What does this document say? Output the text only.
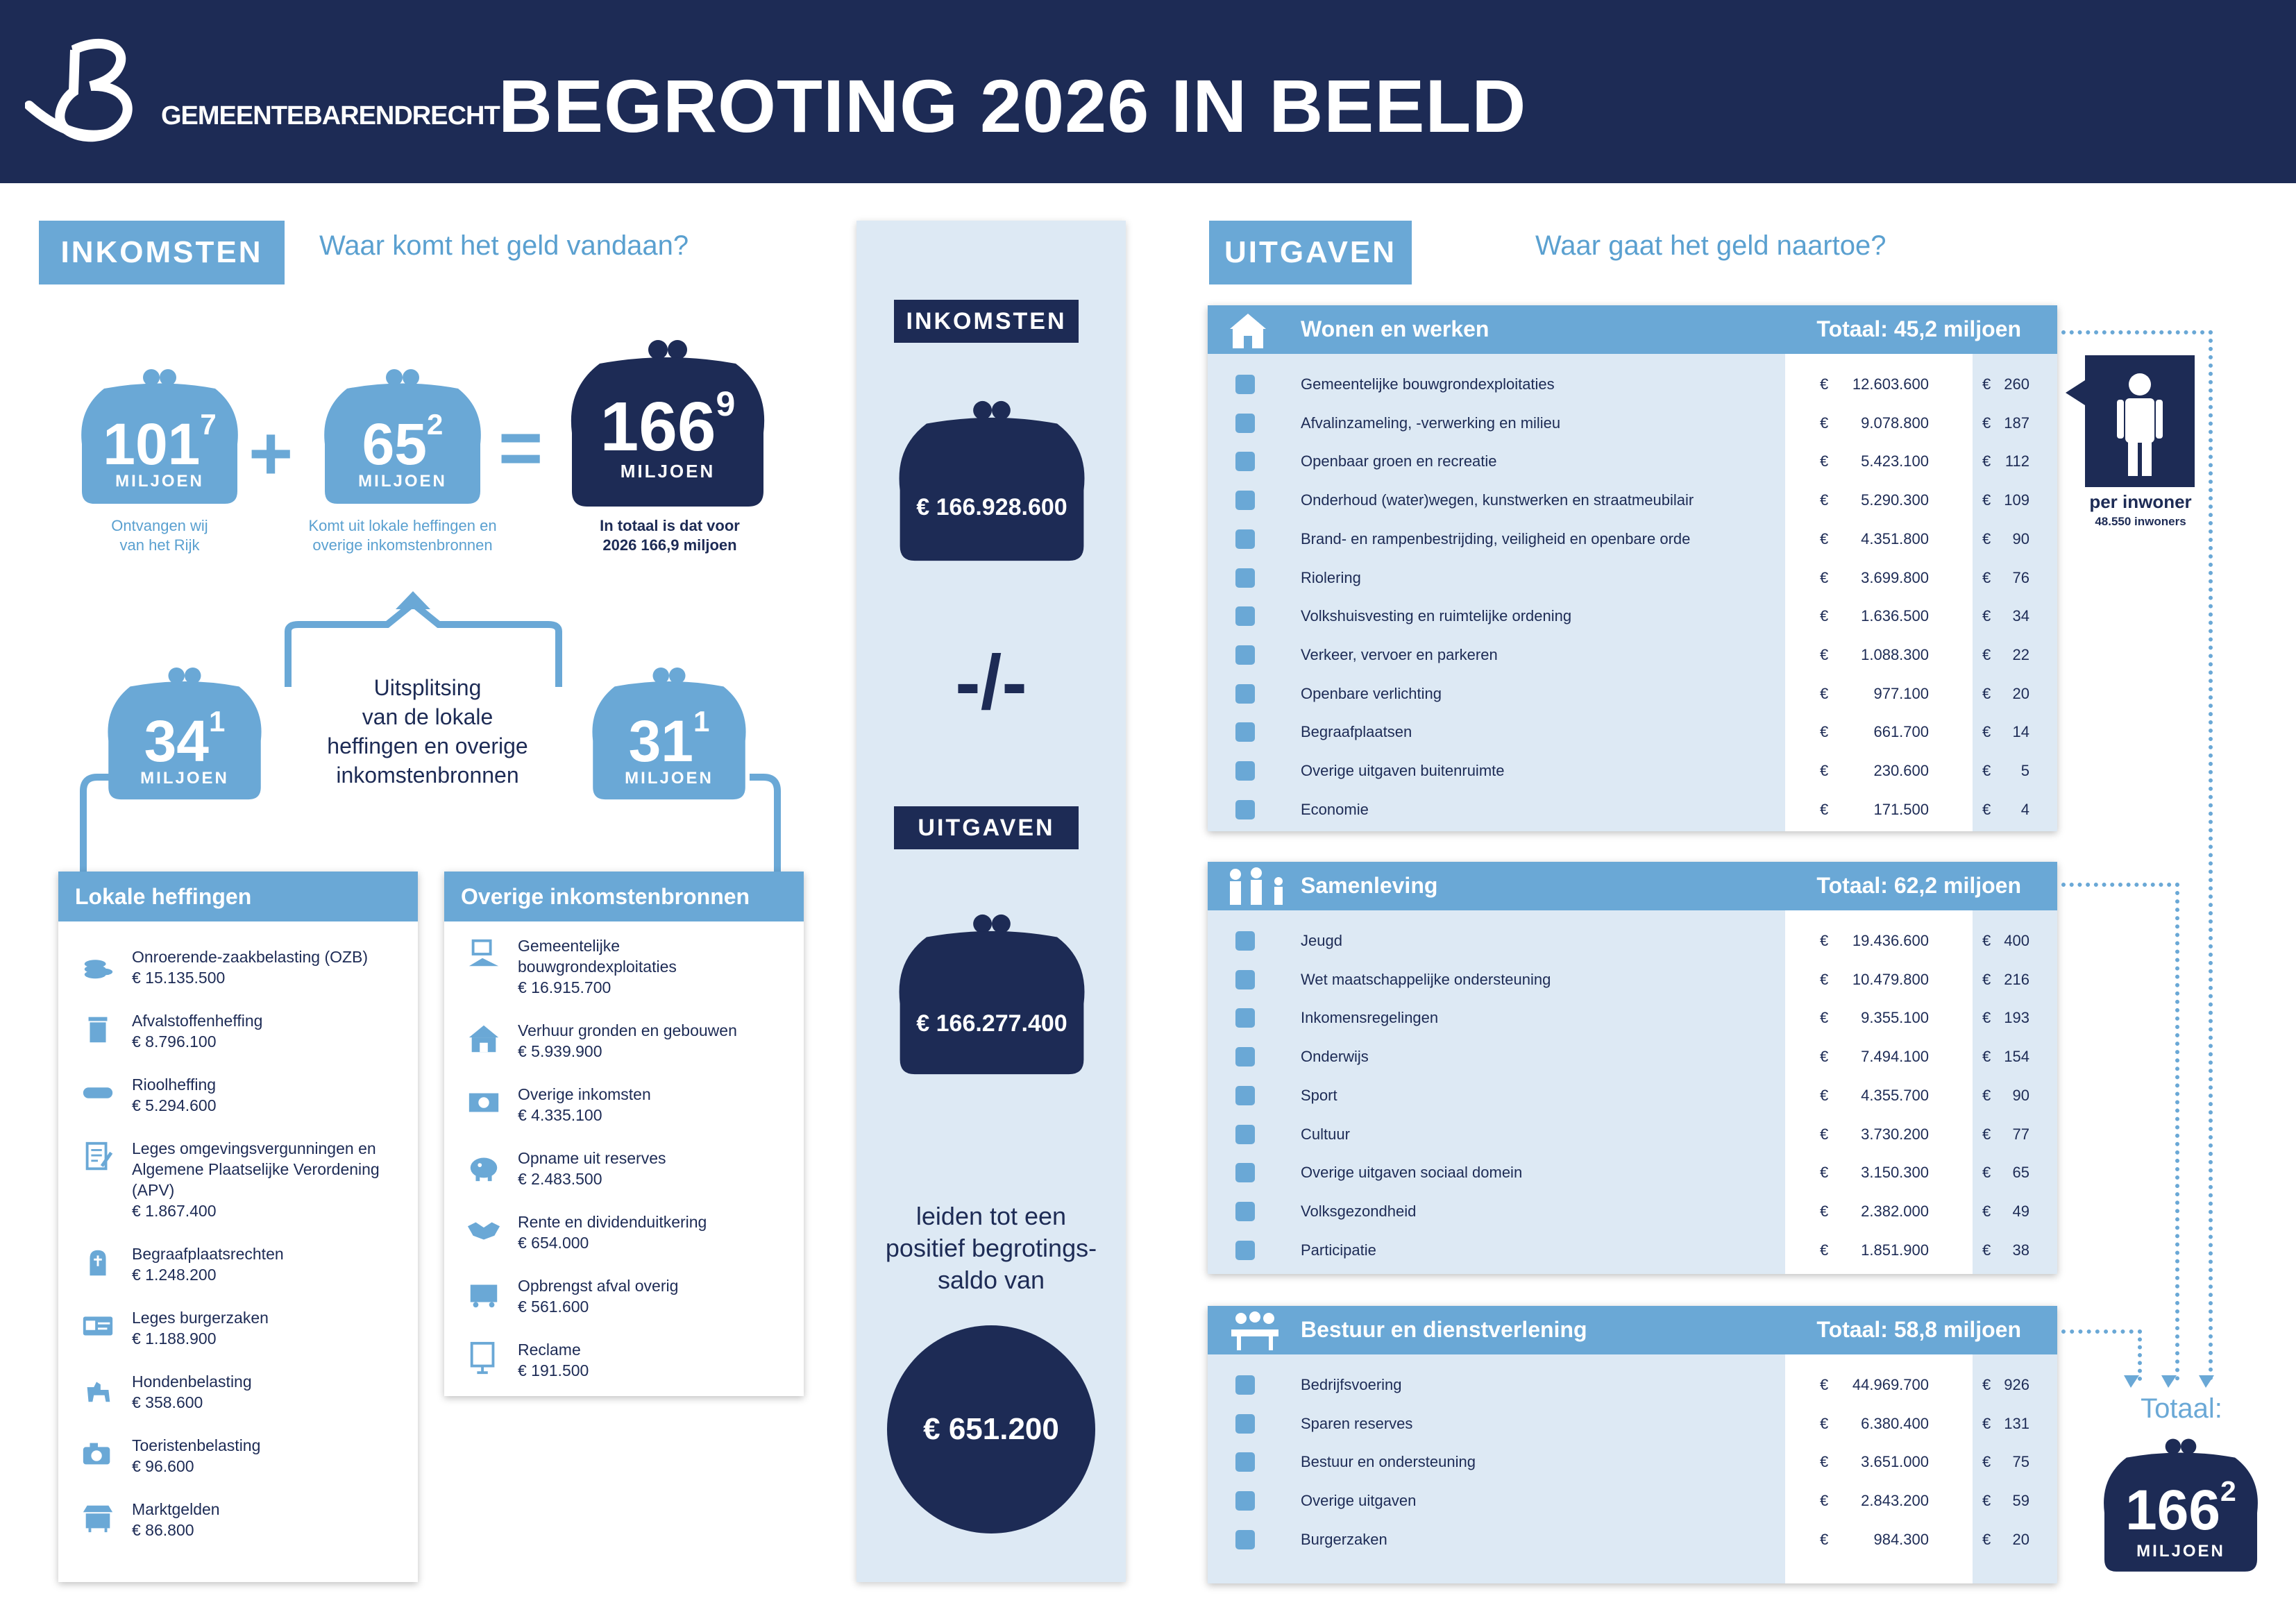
GEMEENTEBARENDRECHT
BEGROTING 2026 IN BEELD
INKOMSTEN	Waar komt het geld vandaan?
$101^7$
MILJOEN
Ontvangen wij
van het Rijk
+	$65^2$
MILJOEN
Komt uit lokale heffingen en
overige inkomstenbronnen
= $166^9$
MILJOEN
In totaal is dat voor
2026 166,9 miljoen
Uitsplitsing
van de lokale
heffingen en overige
inkomstenbronnen
$34^1$
MILJOEN
$31^1$
MILJOEN
Lokale heffingen
Onroerende-zaakbelasting (OZB)
€ 15.135.500
Afvalstoffenheffing
€ 8.796.100
Rioolheffing
€ 5.294.600
Leges omgevingsvergunningen en
Algemene Plaatselijke Verordening
(APV)
€ 1.867.400
Begraafplaatsrechten
€ 1.248.200
Leges burgerzaken
€ 1.188.900
Hondenbelasting
€ 358.600
Toeristenbelasting
€ 96.600
Marktgelden
€ 86.800
Overige inkomstenbronnen
Gemeentelijke
bouwgrondexploitaties
€ 16.915.700
Verhuur gronden en gebouwen
€ 5.939.900
Overige inkomsten
€ 4.335.100
Opname uit reserves
€ 2.483.500
Rente en dividenduitkering
€ 654.000
Opbrengst afval overig
€ 561.600
Reclame
€ 191.500
INKOMSTEN
€ 166.928.600
-/-
UITGAVEN
€ 166.277.400
leiden tot een
positief begrotings-
saldo van
€ 651.200
UITGAVEN	Waar gaat het geld naartoe?
Wonen en werken	Totaal: 45,2 miljoen
Gemeentelijke bouwgrondexploitaties	€ 12.603.600	€ 260
Afvalinzameling, -verwerking en milieu	€ 9.078.800	€ 187
Openbaar groen en recreatie	€ 5.423.100	€ 112
Onderhoud (water)wegen, kunstwerken en straatmeubilair	€ 5.290.300	€ 109
Brand- en rampenbestrijding, veiligheid en openbare orde	€ 4.351.800	€ 90
Riolering	€ 3.699.800	€ 76
Volkshuisvesting en ruimtelijke ordening	€ 1.636.500	€ 34
Verkeer, vervoer en parkeren	€ 1.088.300	€ 22
Openbare verlichting	€	977.100	€ 20
Begraafplaatsen	€	661.700	€ 14
Overige uitgaven buitenruimte	€	230.600	€ 5
Economie	€	171.500	€ 4
Samenleving	Totaal: 62,2 miljoen
Jeugd	€ 19.436.600	€ 400
Wet maatschappelijke ondersteuning	€ 10.479.800	€ 216
Inkomensregelingen	€ 9.355.100	€ 193
Onderwijs	€ 7.494.100	€ 154
Sport	€ 4.355.700	€ 90
Cultuur	€ 3.730.200	€ 77
Overige uitgaven sociaal domein	€ 3.150.300	€ 65
Volksgezondheid	€ 2.382.000	€ 49
Participatie	€ 1.851.900	€ 38
Bestuur en dienstverlening	Totaal: 58,8 miljoen
Bedrijfsvoering	€ 44.969.700	€ 926
Sparen reserves	€ 6.380.400	€ 131
Bestuur en ondersteuning	€ 3.651.000	€ 75
Overige uitgaven	€ 2.843.200	€ 59
Burgerzaken	€	984.300	€ 20
per inwoner
48.550 inwoners
Totaal:
$166^2$
MILJOEN
